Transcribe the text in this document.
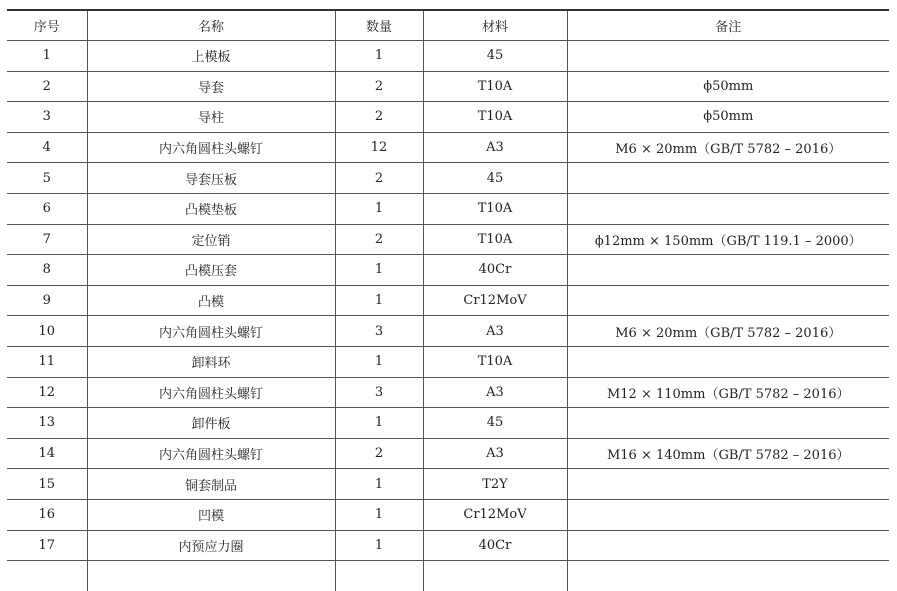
序号	名称	数量	材料	备注
1	上模板	1	45	
2	导套	2	T10A	ϕ50mm
3	导柱	2	T10A	ϕ50mm
4	内六角圆柱头螺钉	12	A3	M6 × 20mm（GB/T 5782 – 2016）
5	导套压板	2	45	
6	凸模垫板	1	T10A	
7	定位销	2	T10A	ϕ12mm × 150mm（GB/T 119.1 – 2000）
8	凸模压套	1	40Cr	
9	凸模	1	Cr12MoV	
10	内六角圆柱头螺钉	3	A3	M6 × 20mm（GB/T 5782 – 2016）
11	卸料环	1	T10A	
12	内六角圆柱头螺钉	3	A3	M12 × 110mm（GB/T 5782 – 2016）
13	卸件板	1	45	
14	内六角圆柱头螺钉	2	A3	M16 × 140mm（GB/T 5782 – 2016）
15	铜套制品	1	T2Y	
16	凹模	1	Cr12MoV	
17	内预应力圈	1	40Cr	
